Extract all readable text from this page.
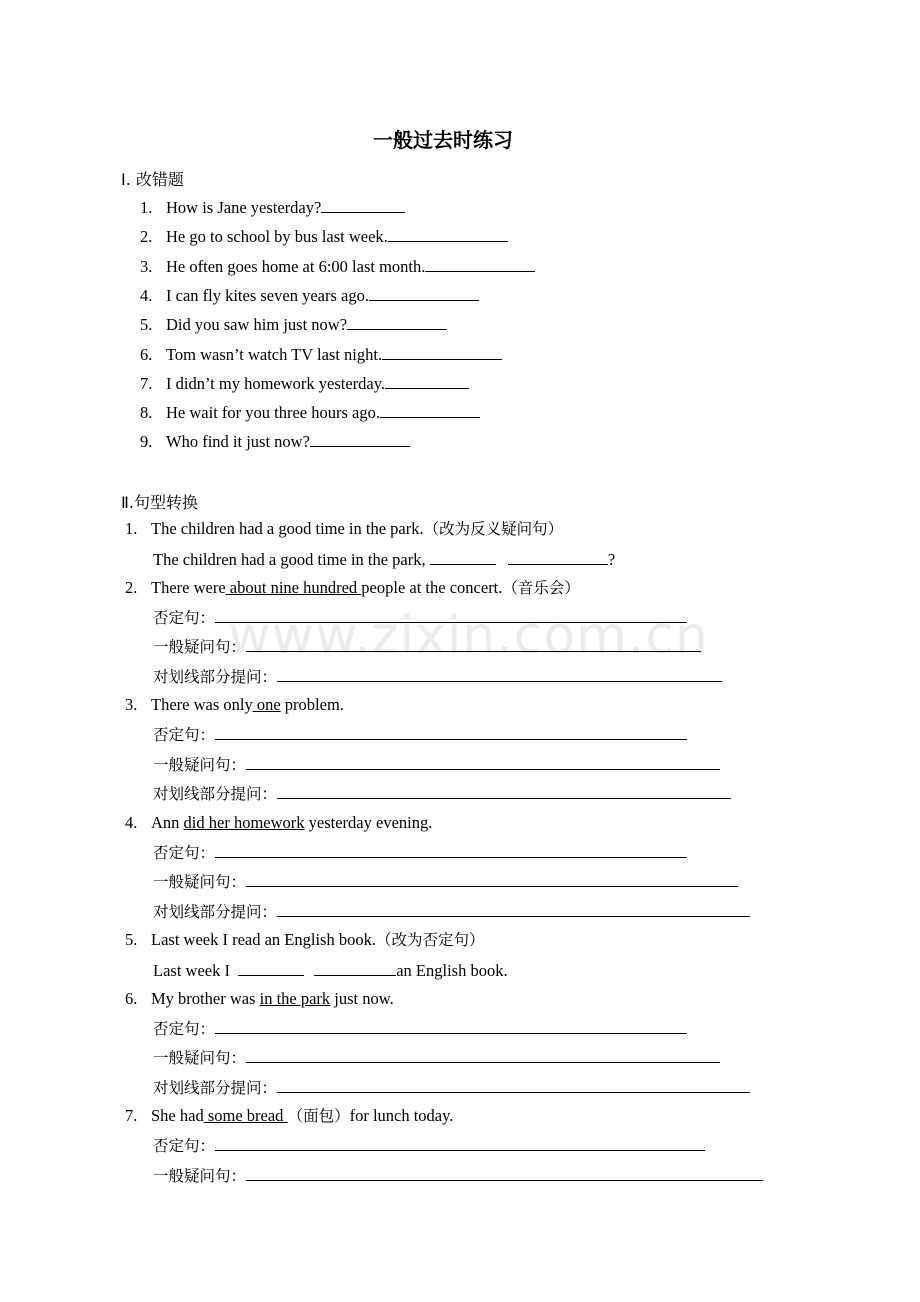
一般过去时练习
Ⅰ. 改错题
1. How is Jane yesterday?
2. He go to school by bus last week.
3. He often goes home at 6:00 last month.
4. I can fly kites seven years ago.
5. Did you saw him just now?
6. Tom wasn’t watch TV last night.
7. I didn’t my homework yesterday.
8. He wait for you three hours ago.
9. Who find it just now?
Ⅱ.句型转换
1. The children had a good time in the park.（改为反义疑问句）
The children had a good time in the park,	?
2. There were about nine hundred people at the concert.（音乐会）
否定句：
一般疑问句：
对划线部分提问：
3. There was only one problem.
否定句：
一般疑问句：
对划线部分提问：
4. Ann did her homework yesterday evening.
否定句：
一般疑问句：
对划线部分提问：
5. Last week I read an English book.（改为否定句）
Last week I	an English book.
6. My brother was in the park just now.
否定句：
一般疑问句：
对划线部分提问：
7. She had some bread （面包）for lunch today.
否定句：
一般疑问句：
www.zixin.com.cn
